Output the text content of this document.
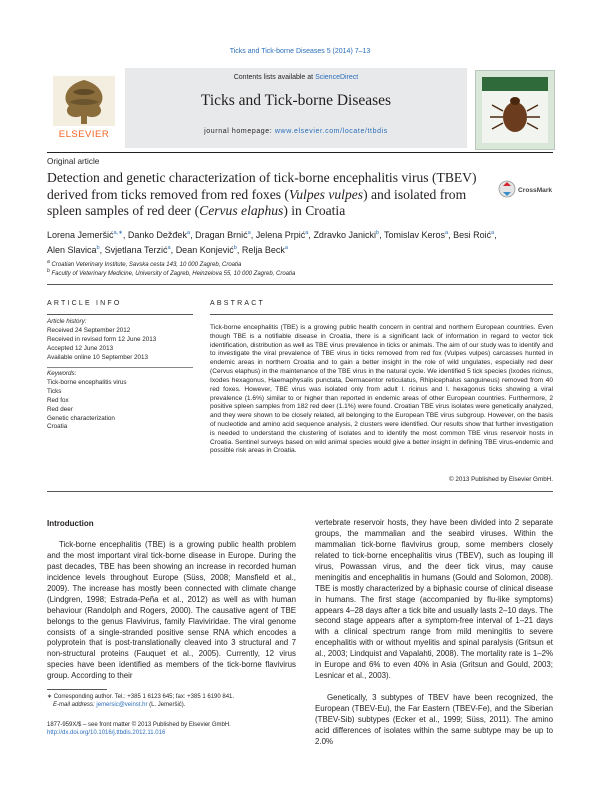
Ticks and Tick-borne Diseases 5 (2014) 7–13
ELSEVIER
Contents lists available at ScienceDirect
Ticks and Tick-borne Diseases
journal homepage: www.elsevier.com/locate/ttbdis
Original article
Detection and genetic characterization of tick-borne encephalitis virus (TBEV) derived from ticks removed from red foxes (Vulpes vulpes) and isolated from spleen samples of red deer (Cervus elaphus) in Croatia
CrossMark
Lorena Jemeršić$^{a,∗}$, Danko Dežđek$^a$, Dragan Brnić$^a$, Jelena Prpić$^a$, Zdravko Janicki$^b$, Tomislav Keros$^a$, Besi Roić$^a$, Alen Slavica$^b$, Svjetlana Terzić$^a$, Dean Konjević$^b$, Relja Beck$^a$
$^a$ Croatian Veterinary Institute, Savska cesta 143, 10 000 Zagreb, Croatia
$^b$ Faculty of Veterinary Medicine, University of Zagreb, Heinzelova 55, 10 000 Zagreb, Croatia
ARTICLE INFO	ABSTRACT
Article history:
Received 24 September 2012
Received in revised form 12 June 2013
Accepted 12 June 2013
Available online 10 September 2013
Keywords:
Tick-borne encephalitis virus
Ticks
Red fox
Red deer
Genetic characterization
Croatia
Tick-borne encephalitis (TBE) is a growing public health concern in central and northern European countries. Even though TBE is a notifiable disease in Croatia, there is a significant lack of information in regard to vector tick identification, distribution as well as TBE virus prevalence in ticks or animals. The aim of our study was to identify and to investigate the viral prevalence of TBE virus in ticks removed from red fox (Vulpes vulpes) carcasses hunted in endemic areas in northern Croatia and to gain a better insight in the role of wild ungulates, especially red deer (Cervus elaphus) in the maintenance of the TBE virus in the natural cycle. We identified 5 tick species (Ixodes ricinus, Ixodes hexagonus, Haemaphysalis punctata, Dermacentor reticulatus, Rhipicephalus sanguineus) removed from 40 red foxes. However, TBE virus was isolated only from adult I. ricinus and I. hexagonus ticks showing a viral prevalence (1.6%) similar to or higher than reported in endemic areas of other European countries. Furthermore, 2 positive spleen samples from 182 red deer (1.1%) were found. Croatian TBE virus isolates were genetically analyzed, and they were shown to be closely related, all belonging to the European TBE virus subgroup. However, on the basis of nucleotide and amino acid sequence analysis, 2 clusters were identified. Our results show that further investigation is needed to understand the clustering of isolates and to identify the most common TBE virus reservoir hosts in Croatia. Sentinel surveys based on wild animal species would give a better insight in defining TBE virus-endemic and possible risk areas in Croatia.
© 2013 Published by Elsevier GmbH.
Introduction
Tick-borne encephalitis (TBE) is a growing public health problem and the most important viral tick-borne disease in Europe. During the past decades, TBE has been showing an increase in recorded human incidence levels throughout Europe (Süss, 2008; Mansfield et al., 2009). The increase has mostly been connected with climate change (Lindgren, 1998; Estrada-Peña et al., 2012) as well as with human behaviour (Randolph and Rogers, 2000). The causative agent of TBE belongs to the genus Flavivirus, family Flaviviridae. The viral genome consists of a single-stranded positive sense RNA which encodes a polyprotein that is post-translationally cleaved into 3 structural and 7 non-structural proteins (Fauquet et al., 2005). Currently, 12 virus species have been identified as members of the tick-borne flavivirus group. According to their
vertebrate reservoir hosts, they have been divided into 2 separate groups, the mammalian and the seabird viruses. Within the mammalian tick-borne flavivirus group, some members closely related to tick-borne encephalitis virus (TBEV), such as louping ill virus, Powassan virus, and the deer tick virus, may cause meningitis and encephalitis in humans (Gould and Solomon, 2008). TBE is mostly characterized by a biphasic course of clinical disease in humans. The first stage (accompanied by flu-like symptoms) appears 4–28 days after a tick bite and usually lasts 2–10 days. The second stage appears after a symptom-free interval of 1–21 days with a clinical spectrum range from mild meningitis to severe encephalitis with or without myelitis and spinal paralysis (Gritsun et al., 2003; Lindquist and Vapalahti, 2008). The mortality rate is 1–2% in Europe and 6% to even 40% in Asia (Gritsun and Gould, 2003; Lesnicar et al., 2003).
Genetically, 3 subtypes of TBEV have been recognized, the European (TBEV-Eu), the Far Eastern (TBEV-Fe), and the Siberian (TBEV-Sib) subtypes (Ecker et al., 1999; Süss, 2011). The amino acid differences of isolates within the same subtype may be up to 2.0%
∗ Corresponding author. Tel.: +385 1 6123 645; fax: +385 1 6190 841.
E-mail address: jemersic@veinst.hr (L. Jemeršić).
1877-959X/$ – see front matter © 2013 Published by Elsevier GmbH.
http://dx.doi.org/10.1016/j.ttbdis.2012.11.016
